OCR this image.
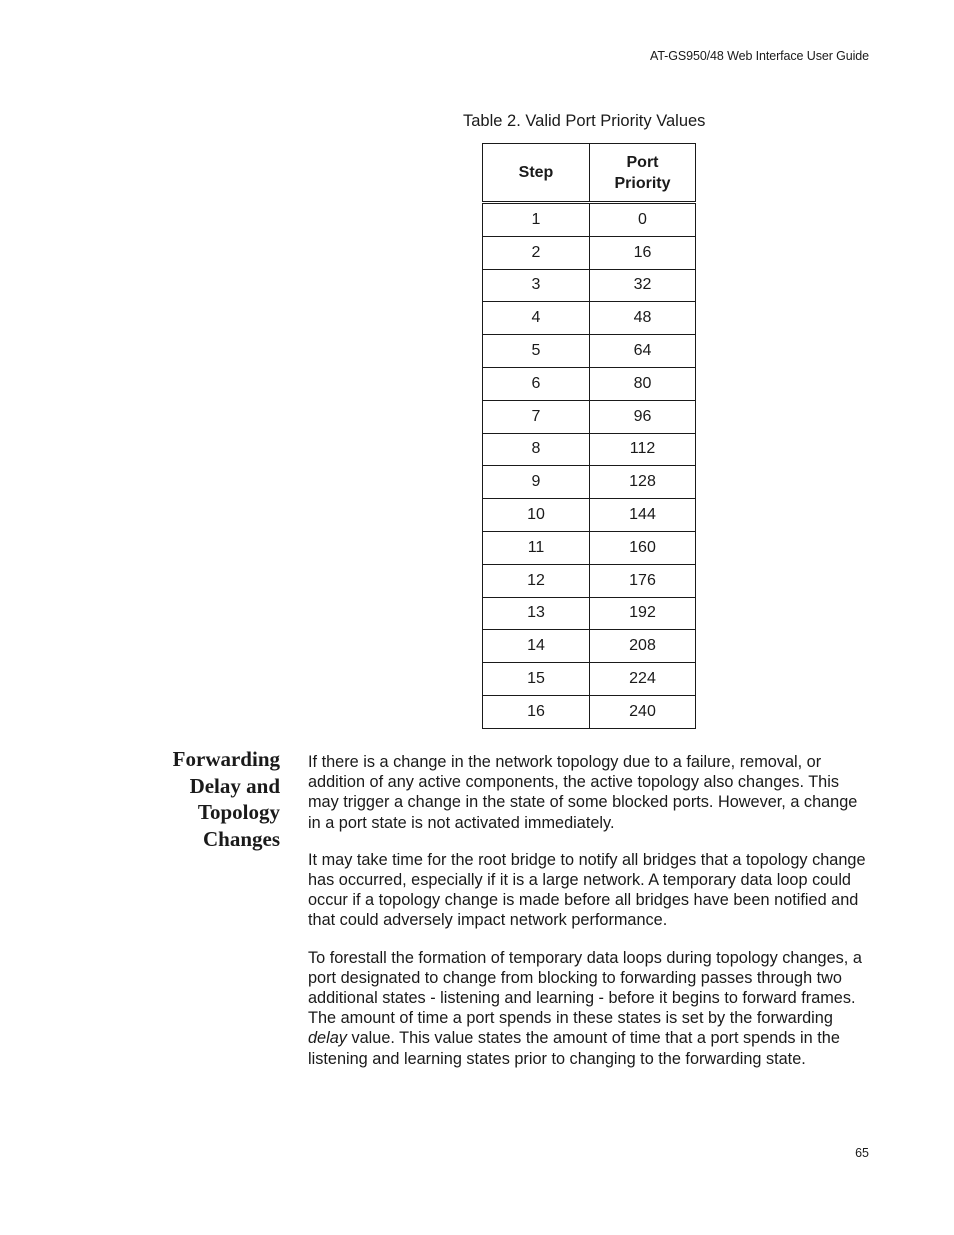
AT-GS950/48 Web Interface User Guide
Table 2. Valid Port Priority Values
Step	Port Priority
1	0
2	16
3	32
4	48
5	64
6	80
7	96
8	112
9	128
10	144
11	160
12	176
13	192
14	208
15	224
16	240
Forwarding
Delay and
Topology
Changes

If there is a change in the network topology due to a failure, removal, or addition of any active components, the active topology also changes. This may trigger a change in the state of some blocked ports. However, a change in a port state is not activated immediately.

It may take time for the root bridge to notify all bridges that a topology change has occurred, especially if it is a large network. A temporary data loop could occur if a topology change is made before all bridges have been notified and that could adversely impact network performance.

To forestall the formation of temporary data loops during topology changes, a port designated to change from blocking to forwarding passes through two additional states - listening and learning - before it begins to forward frames. The amount of time a port spends in these states is set by the forwarding delay value. This value states the amount of time that a port spends in the listening and learning states prior to changing to the forwarding state.

65
